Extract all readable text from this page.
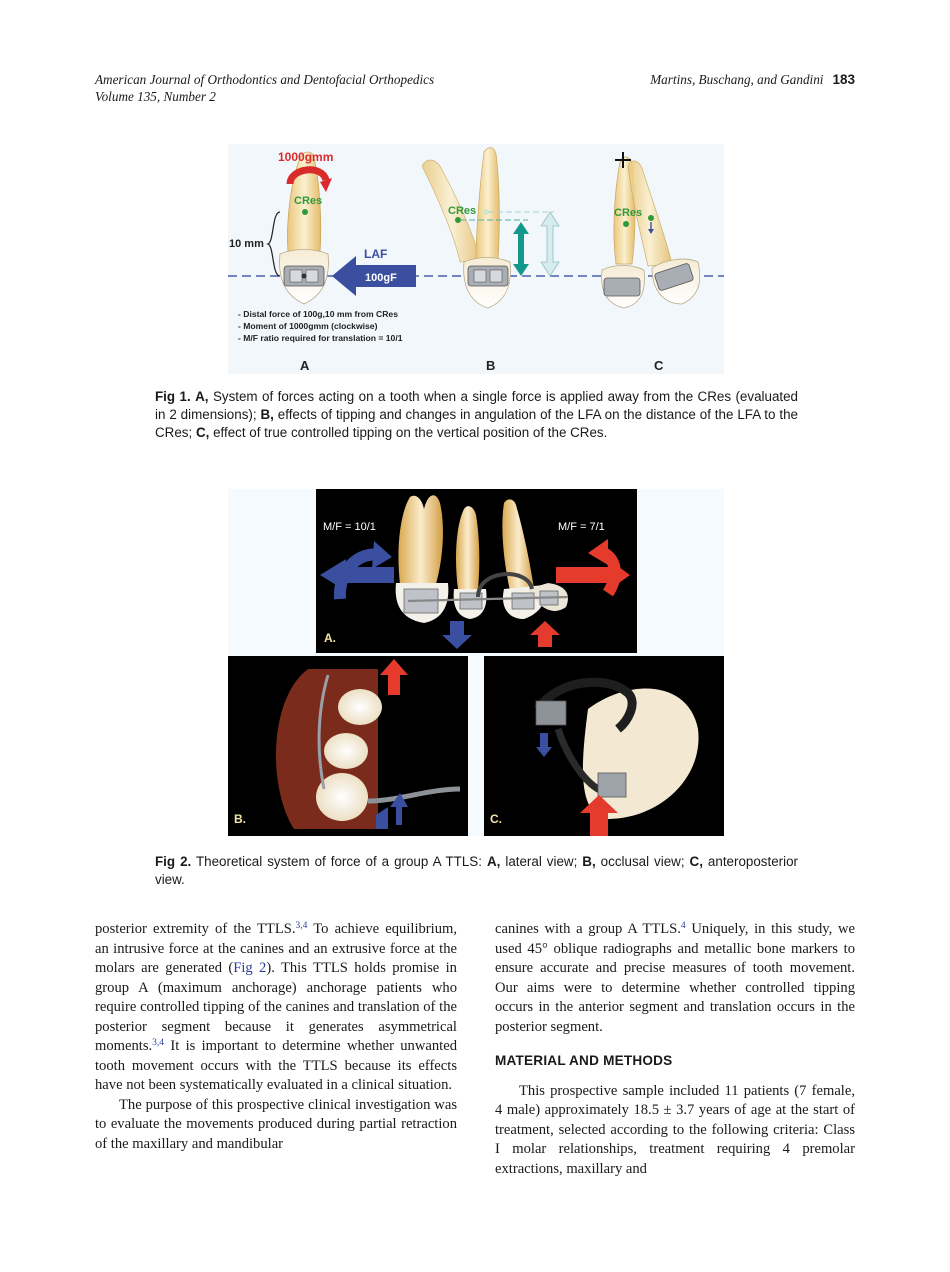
American Journal of Orthodontics and Dentofacial Orthopedics
Volume 135, Number 2
Martins, Buschang, and Gandini 183
1000gmm
CRes
10 mm
LAF
100gF
- Distal force of 100g,10 mm from CRes
- Moment of 1000gmm (clockwise)
- M/F ratio required for translation = 10/1
CRes	CRes
A	B	C
Fig 1. A, System of forces acting on a tooth when a single force is applied away from the CRes (evaluated in 2 dimensions); B, effects of tipping and changes in angulation of the LFA on the distance of the LFA to the CRes; C, effect of true controlled tipping on the vertical position of the CRes.
M/F = 10/1	M/F = 7/1
A.
B.	C.
Fig 2. Theoretical system of force of a group A TTLS: A, lateral view; B, occlusal view; C, anteroposterior view.

posterior extremity of the TTLS.$^{3,4}$ To achieve equilibrium, an intrusive force at the canines and an extrusive force at the molars are generated (Fig 2). This TTLS holds promise in group A (maximum anchorage) anchorage patients who require controlled tipping of the canines and translation of the posterior segment because it generates asymmetrical moments.$^{3,4}$ It is important to determine whether unwanted tooth movement occurs with the TTLS because its effects have not been systematically evaluated in a clinical situation.

The purpose of this prospective clinical investigation was to evaluate the movements produced during partial retraction of the maxillary and mandibular

canines with a group A TTLS.$^4$ Uniquely, in this study, we used 45° oblique radiographs and metallic bone markers to ensure accurate and precise measures of tooth movement. Our aims were to determine whether controlled tipping occurs in the anterior segment and translation occurs in the posterior segment.

MATERIAL AND METHODS

This prospective sample included 11 patients (7 female, 4 male) approximately 18.5 ± 3.7 years of age at the start of treatment, selected according to the following criteria: Class I molar relationships, treatment requiring 4 premolar extractions, maxillary and
